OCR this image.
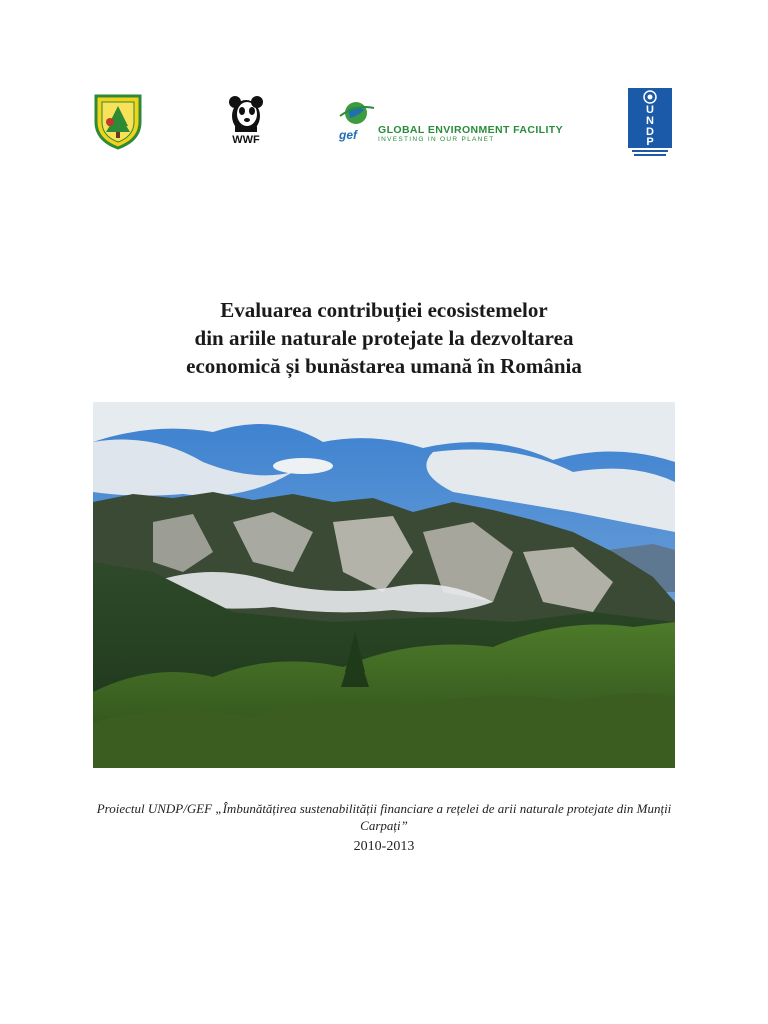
WWF	gef GLOBAL ENVIRONMENT FACILITY
INVESTING IN OUR PLANET
U
N
D
P
Evaluarea contribuției ecosistemelor
din ariile naturale protejate la dezvoltarea
economică și bunăstarea umană în România
Proiectul UNDP/GEF „Îmbunătățirea sustenabilității financiare a rețelei de arii naturale protejate din Munții Carpați”
2010-2013
